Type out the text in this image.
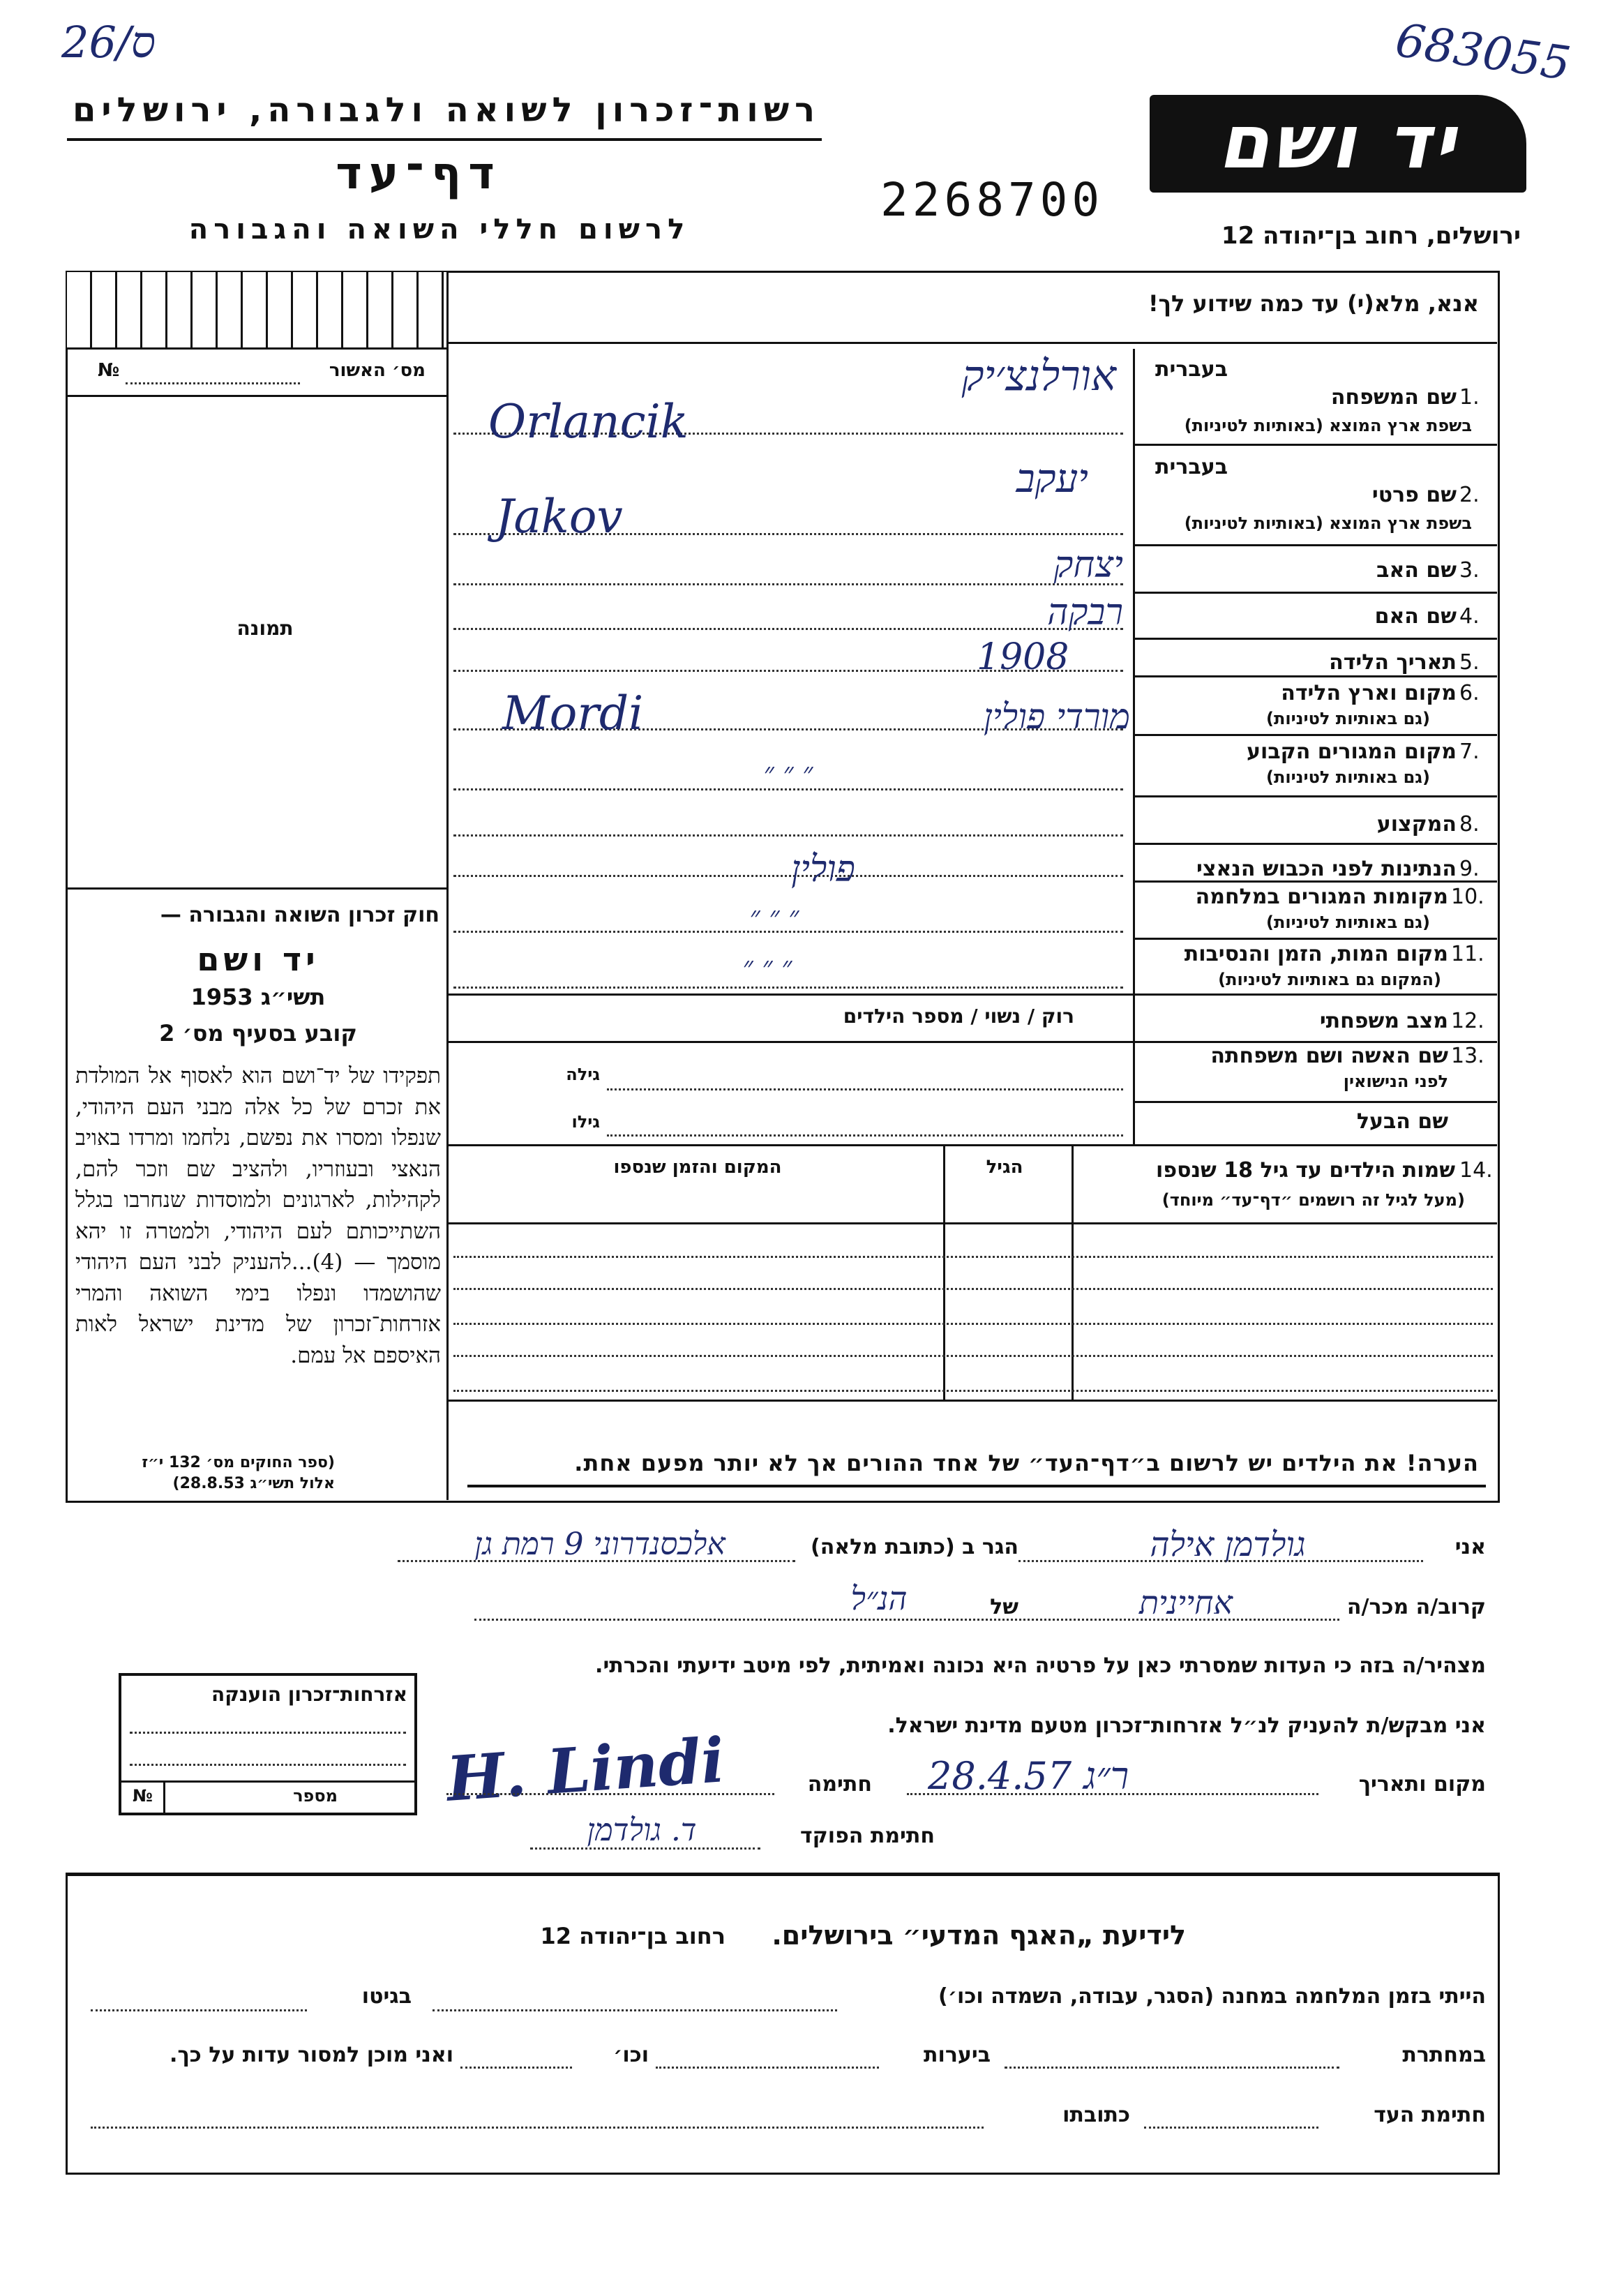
26/ס	683055
רשות־זכרון לשואה ולגבורה, ירושלים
דף־עד
לרשום חללי השואה והגבורה
2268700
יד ושם
ירושלים, רחוב בן־יהודה 12
אנא, מלא(י) עד כמה שידוע לך!
מס׳ האשור
№
תמונה
בעברית
1.
שם המשפחה
בשפת ארץ המוצא (באותיות לטיניות)
בעברית
2.
שם פרטי
בשפת ארץ המוצא (באותיות לטיניות)
3.
שם האב
4.
שם האם
5.
תאריך הלידה
6.
מקום וארץ הלידה
(גם באותיות לטיניות)
7.
מקום המגורים הקבוע
(גם באותיות לטיניות)
8.
המקצוע
9.
הנתינות לפני הכבוש הנאצי
10.
מקומות המגורים במלחמה
(גם באותיות לטיניות)
11.
מקום המות, הזמן והנסיבות
(המקום גם באותיות לטיניות)
12.
מצב משפחתי
רוק / נשוי / מספר הילדים
13.
שם האשה ושם משפחתה
לפני הנישואין
גילה
שם הבעל
גילו
אורלנצ׳יק
Orlancik
יעקב
Jakov
יצחק
רבקה
1908
Mordi	מורדי פולין
״ ״ ״
פולין
״ ״ ״
״ ״ ״
14.
שמות הילדים עד גיל 18 שנספו
(מעל לגיל זה רושמים ״דף־עד״ מיוחד)
הגיל
המקום והזמן שנספו
הערה! את הילדים יש לרשום ב״דף־העד״ של אחד ההורים אך לא יותר מפעם אחת.
חוק זכרון השואה והגבורה —
יד ושם
תשי״ג 1953
קובע בסעיף מס׳ 2
תפקידו של יד־ושם הוא לאסוף אל המולדת את זכרם של כל אלה מבני העם היהודי, שנפלו ומסרו את נפשם, נלחמו ומרדו באויב הנאצי ובעוזריו, ולהציב שם וזכר להם, לקהילות, לארגונים ולמוסדות שנחרבו בגלל השתייכותם לעם היהודי, ולמטרה זו יהא מוסמך — (4)...להעניק לבני העם היהודי שהושמדו ונפלו בימי השואה והמרי אזרחות־זכרון של מדינת ישראל לאות האיספם אל עמם.
(ספר החוקים מס׳ 132 י״ז אלול תשי״ג 28.8.53)
אני
גולדמן אילה
הגר ב (כתובת מלאה)
אלכסנדרוני 9 רמת גן
קרוב/ה מכר/ה
אחיינית
של
הנ״ל
מצהיר/ה בזה כי העדות שמסרתי כאן על פרטיה היא נכונה ואמיתית, לפי מיטב ידיעתי והכרתי.
אני מבקש/ת להעניק לנ״ל אזרחות־זכרון מטעם מדינת ישראל.
מקום ותאריך
ר״ג 28.4.57
חתימה
H. Lindi
חתימת הפוקד
ד. גולדמן
אזרחות־זכרון הוענקה
מספר
№
לידיעת „האגף המדעי״ בירושלים.
רחוב בן־יהודה 12
הייתי בזמן המלחמה במחנה (הסגר, עבודה, השמדה וכו׳)
בגיטו
במחתרת
ביערות
וכו׳
ואני מוכן למסור עדות על כך.
חתימת העד
כתובתו
